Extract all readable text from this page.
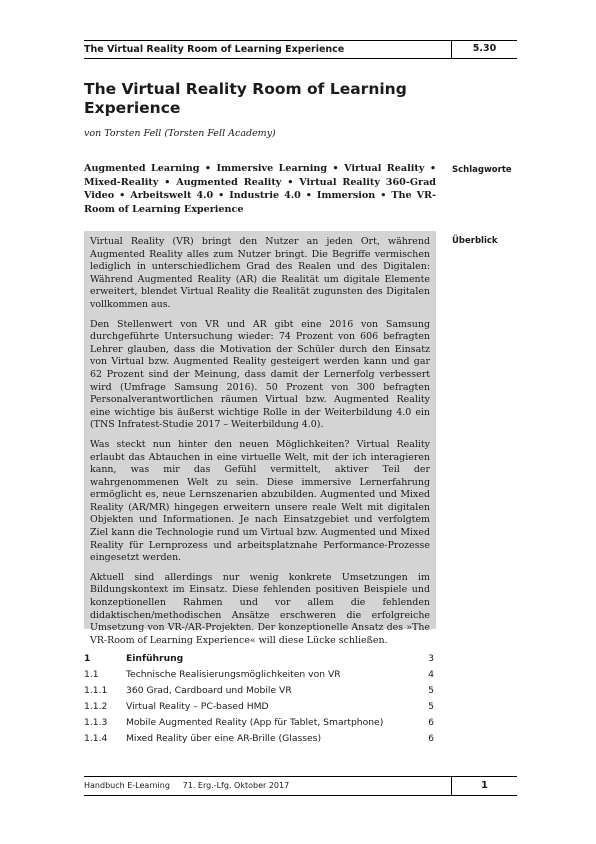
The Virtual Reality Room of Learning Experience	5.30
The Virtual Reality Room of Learning Experience
von Torsten Fell (Torsten Fell Academy)
Augmented Learning • Immersive Learning • Virtual Reality • Mixed-Reality • Augmented Reality • Virtual Reality 360-Grad Video • Arbeitswelt 4.0 • Industrie 4.0 • Immersion • The VR-Room of Learning Experience
Schlagworte

Virtual Reality (VR) bringt den Nutzer an jeden Ort, während Augmented Reality alles zum Nutzer bringt. Die Begriffe vermischen lediglich in unterschiedlichem Grad des Realen und des Digitalen: Während Augmented Reality (AR) die Realität um digitale Elemente erweitert, blendet Virtual Reality die Realität zugunsten des Digitalen vollkommen aus.

Den Stellenwert von VR und AR gibt eine 2016 von Samsung durchgeführte Untersuchung wieder: 74 Prozent von 606 befragten Lehrer glauben, dass die Motivation der Schüler durch den Einsatz von Virtual bzw. Augmented Reality gesteigert werden kann und gar 62 Prozent sind der Meinung, dass damit der Lernerfolg verbessert wird (Umfrage Samsung 2016). 50 Prozent von 300 befragten Personalverantwortlichen räumen Virtual bzw. Augmented Reality eine wichtige bis äußerst wichtige Rolle in der Weiterbildung 4.0 ein (TNS Infratest-Studie 2017 – Weiterbildung 4.0).

Was steckt nun hinter den neuen Möglichkeiten? Virtual Reality erlaubt das Abtauchen in eine virtuelle Welt, mit der ich interagieren kann, was mir das Gefühl vermittelt, aktiver Teil der wahrgenommenen Welt zu sein. Diese immersive Lernerfahrung ermöglicht es, neue Lernszenarien abzubilden. Augmented und Mixed Reality (AR/MR) hingegen erweitern unsere reale Welt mit digitalen Objekten und Informationen. Je nach Einsatzgebiet und verfolgtem Ziel kann die Technologie rund um Virtual bzw. Augmented und Mixed Reality für Lernprozess und arbeitsplatznahe Performance-Prozesse eingesetzt werden.

Aktuell sind allerdings nur wenig konkrete Umsetzungen im Bildungskontext im Einsatz. Diese fehlenden positiven Beispiele und konzeptionellen Rahmen und vor allem die fehlenden didaktischen/methodischen Ansätze erschweren die erfolgreiche Umsetzung von VR-/AR-Projekten. Der konzeptionelle Ansatz des »The VR-Room of Learning Experience« will diese Lücke schließen.

Überblick
1	Einführung	3
1.1	Technische Realisierungsmöglichkeiten von VR	4
1.1.1 360 Grad, Cardboard und Mobile VR	5
1.1.2 Virtual Reality – PC-based HMD	5
1.1.3 Mobile Augmented Reality (App für Tablet, Smartphone)	6
1.1.4 Mixed Reality über eine AR-Brille (Glasses)	6
Handbuch E-Learning 71. Erg.-Lfg. Oktober 2017	1
